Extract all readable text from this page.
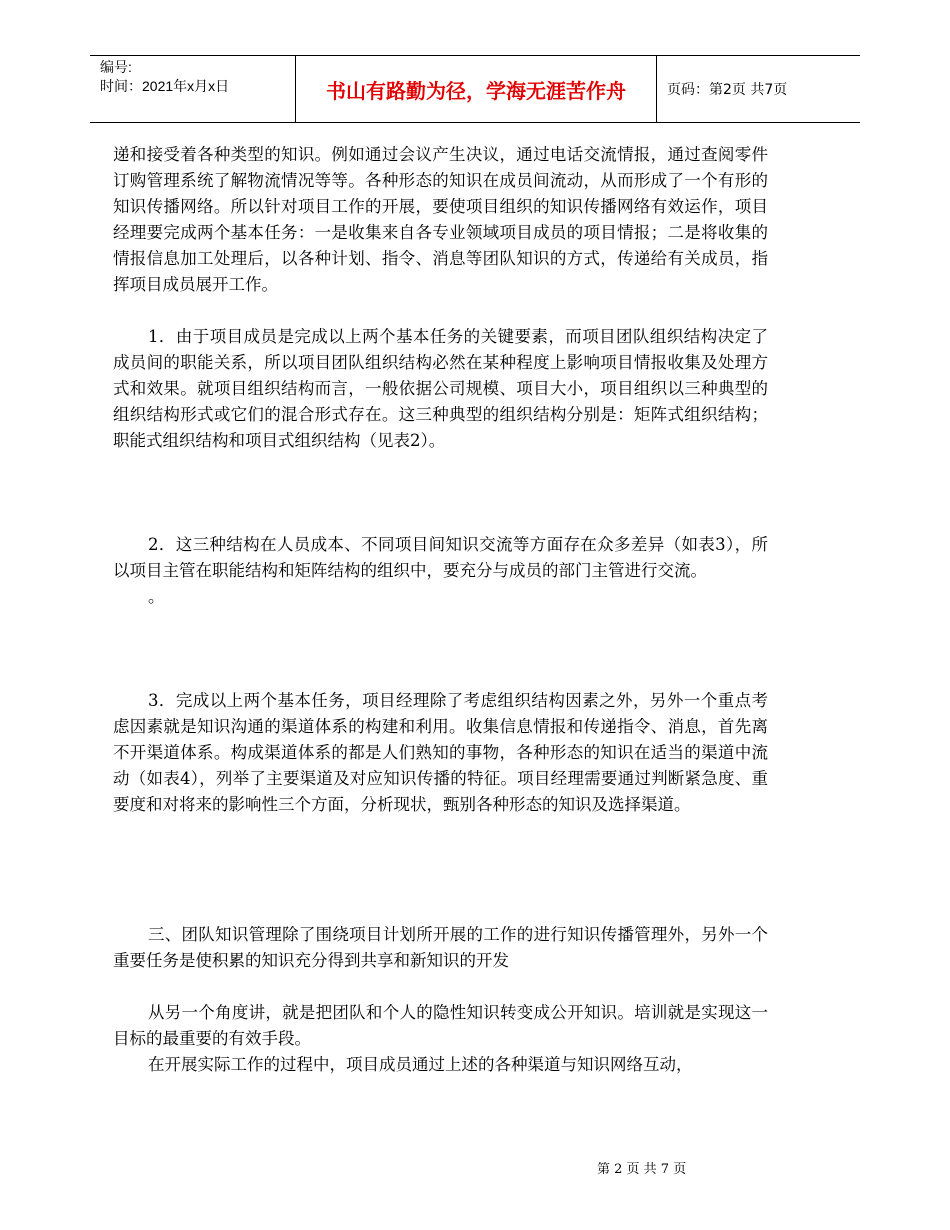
编号:
时间：2021年x月x日	书山有路勤为径，学海无涯苦作舟	页码：第2页 共7页

递和接受着各种类型的知识。例如通过会议产生决议，通过电话交流情报，通过查阅零件订购管理系统了解物流情况等等。各种形态的知识在成员间流动，从而形成了一个有形的知识传播网络。所以针对项目工作的开展，要使项目组织的知识传播网络有效运作，项目经理要完成两个基本任务：一是收集来自各专业领域项目成员的项目情报；二是将收集的情报信息加工处理后，以各种计划、指令、消息等团队知识的方式，传递给有关成员，指挥项目成员展开工作。

1．由于项目成员是完成以上两个基本任务的关键要素，而项目团队组织结构决定了成员间的职能关系，所以项目团队组织结构必然在某种程度上影响项目情报收集及处理方式和效果。就项目组织结构而言，一般依据公司规模、项目大小，项目组织以三种典型的组织结构形式或它们的混合形式存在。这三种典型的组织结构分别是：矩阵式组织结构；职能式组织结构和项目式组织结构（见表2）。

2．这三种结构在人员成本、不同项目间知识交流等方面存在众多差异（如表3），所以项目主管在职能结构和矩阵结构的组织中，要充分与成员的部门主管进行交流。

。

3．完成以上两个基本任务，项目经理除了考虑组织结构因素之外，另外一个重点考虑因素就是知识沟通的渠道体系的构建和利用。收集信息情报和传递指令、消息，首先离不开渠道体系。构成渠道体系的都是人们熟知的事物，各种形态的知识在适当的渠道中流动（如表4），列举了主要渠道及对应知识传播的特征。项目经理需要通过判断紧急度、重要度和对将来的影响性三个方面，分析现状，甄别各种形态的知识及选择渠道。

三、团队知识管理除了围绕项目计划所开展的工作的进行知识传播管理外，另外一个重要任务是使积累的知识充分得到共享和新知识的开发

从另一个角度讲，就是把团队和个人的隐性知识转变成公开知识。培训就是实现这一目标的最重要的有效手段。

在开展实际工作的过程中，项目成员通过上述的各种渠道与知识网络互动，

第 2 页 共 7 页
